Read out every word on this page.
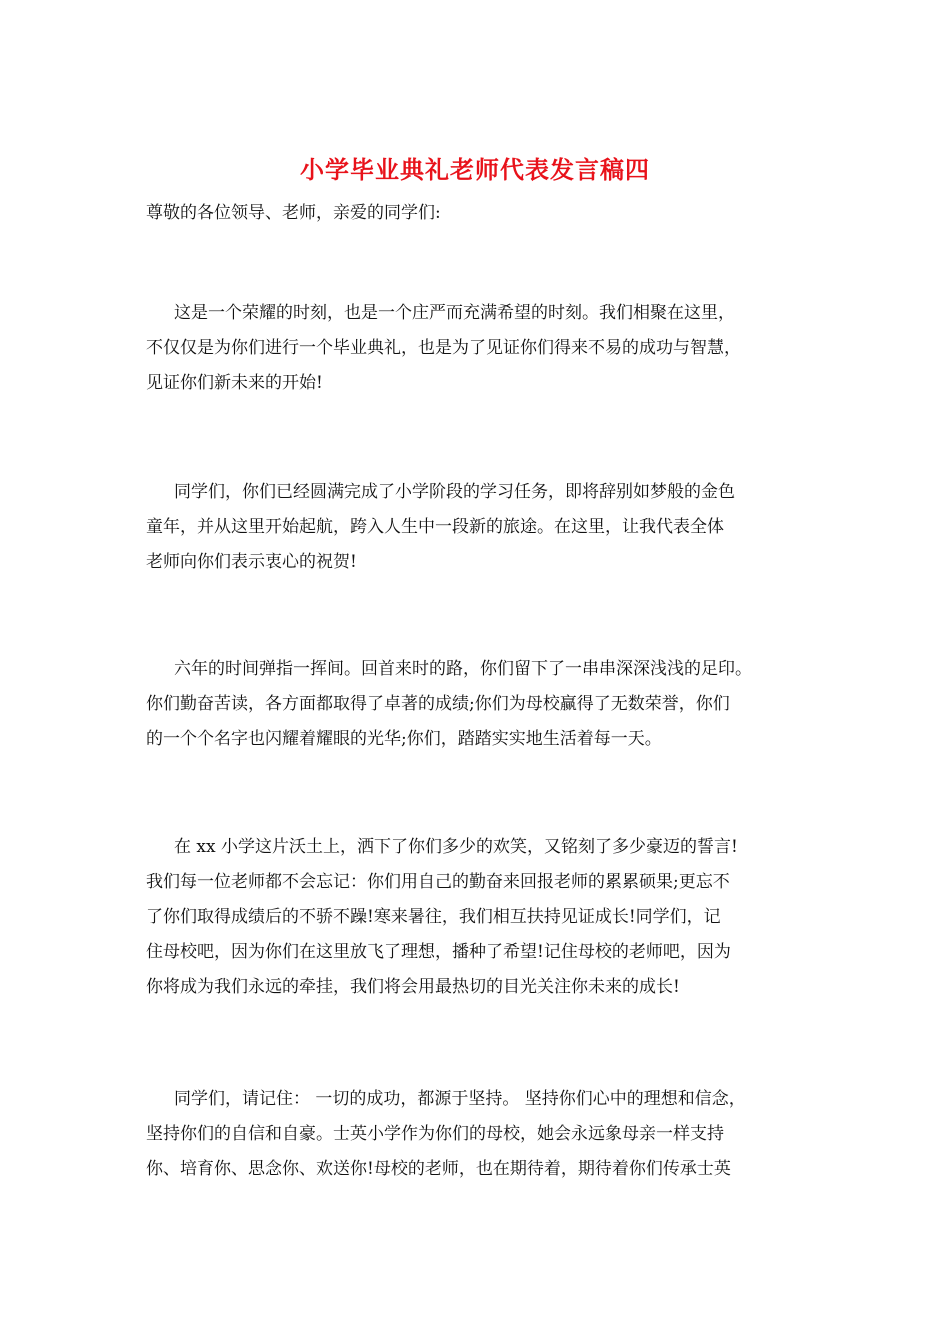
小学毕业典礼老师代表发言稿四
尊敬的各位领导、老师，亲爱的同学们:
这是一个荣耀的时刻，也是一个庄严而充满希望的时刻。我们相聚在这里，
不仅仅是为你们进行一个毕业典礼，也是为了见证你们得来不易的成功与智慧，
见证你们新未来的开始!
同学们，你们已经圆满完成了小学阶段的学习任务，即将辞别如梦般的金色
童年，并从这里开始起航，跨入人生中一段新的旅途。在这里，让我代表全体
老师向你们表示衷心的祝贺!
六年的时间弹指一挥间。回首来时的路，你们留下了一串串深深浅浅的足印。
你们勤奋苦读，各方面都取得了卓著的成绩;你们为母校赢得了无数荣誉，你们
的一个个名字也闪耀着耀眼的光华;你们，踏踏实实地生活着每一天。
在 xx 小学这片沃土上，洒下了你们多少的欢笑，又铭刻了多少豪迈的誓言!
我们每一位老师都不会忘记：你们用自己的勤奋来回报老师的累累硕果;更忘不
了你们取得成绩后的不骄不躁!寒来暑往，我们相互扶持见证成长!同学们，记
住母校吧，因为你们在这里放飞了理想，播种了希望!记住母校的老师吧，因为
你将成为我们永远的牵挂，我们将会用最热切的目光关注你未来的成长!
同学们，请记住： 一切的成功，都源于坚持。 坚持你们心中的理想和信念，
坚持你们的自信和自豪。士英小学作为你们的母校，她会永远象母亲一样支持
你、培育你、思念你、欢送你!母校的老师，也在期待着，期待着你们传承士英
